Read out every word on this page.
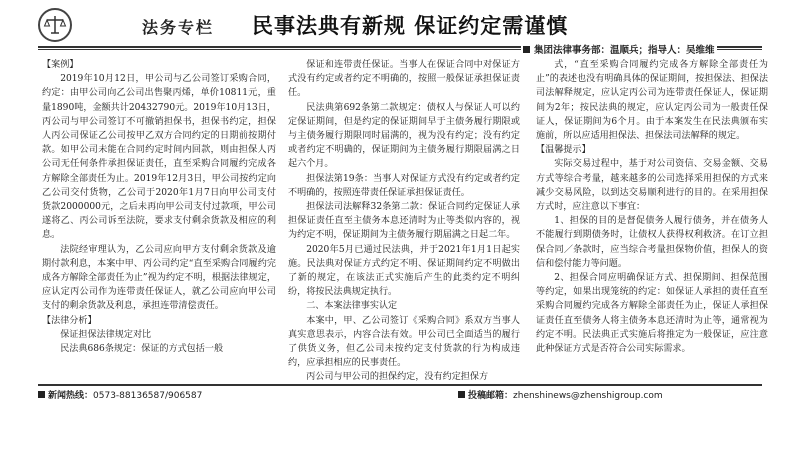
法务专栏 民事法典有新规 保证约定需谨慎
集团法律事务部：温顺兵；指导人：吴维维

【案例】

2019年10月12日，甲公司与乙公司签订采购合同，约定：由甲公司向乙公司出售聚丙烯，单价10811元，重量1890吨，金额共计20432790元。2019年10月13日，丙公司与甲公司签订不可撤销担保书，担保书约定，担保人丙公司保证乙公司按甲乙双方合同约定的日期前按期付款。如甲公司未能在合同约定时间内回款，则由担保人丙公司无任何条件承担保证责任，直至采购合同履约完成各方解除全部责任为止。2019年12月3日，甲公司按约定向乙公司交付货物，乙公司于2020年1月7日向甲公司支付货款2000000元，之后未再向甲公司支付过款项，甲公司遂将乙、丙公司诉至法院，要求支付剩余货款及相应的利息。

法院经审理认为，乙公司应向甲方支付剩余货款及逾期付款利息，本案中甲、丙公司约定“直至采购合同履约完成各方解除全部责任为止”视为约定不明，根据法律规定，应认定丙公司作为连带责任保证人，就乙公司应向甲公司支付的剩余货款及利息，承担连带清偿责任。

【法律分析】

保证担保法律规定对比

民法典686条规定：保证的方式包括一般

保证和连带责任保证。当事人在保证合同中对保证方式没有约定或者约定不明确的，按照一般保证承担保证责任。

民法典第692条第二款规定：债权人与保证人可以约定保证期间，但是约定的保证期间早于主债务履行期限或与主债务履行期限同时届满的，视为没有约定；没有约定或者约定不明确的，保证期间为主债务履行期限届满之日起六个月。

担保法第19条：当事人对保证方式没有约定或者约定不明确的，按照连带责任保证承担保证责任。

担保法司法解释32条第二款：保证合同约定保证人承担保证责任直至主债务本息还清时为止等类似内容的，视为约定不明，保证期间为主债务履行期届满之日起二年。

2020年5月已通过民法典，并于2021年1月1日起实施。民法典对保证方式约定不明、保证期间约定不明做出了新的规定，在该法正式实施后产生的此类约定不明纠纷，将按民法典规定执行。

二、本案法律事实认定

本案中，甲、乙公司签订《采购合同》系双方当事人真实意思表示，内容合法有效。甲公司已全面适当的履行了供货义务，但乙公司未按约定支付货款的行为构成违约，应承担相应的民事责任。

丙公司与甲公司的担保约定，没有约定担保方

式，“直至采购合同履约完成各方解除全部责任为止”的表述也没有明确具体的保证期间，按担保法、担保法司法解释规定，应认定丙公司为连带责任保证人，保证期间为2年；按民法典的规定，应认定丙公司为一般责任保证人，保证期间为6个月。由于本案发生在民法典颁布实施前，所以应适用担保法、担保法司法解释的规定。

【温馨提示】

实际交易过程中，基于对公司资信、交易金额、交易方式等综合考量，越来越多的公司选择采用担保的方式来减少交易风险，以到达交易顺利进行的目的。在采用担保方式时，应注意以下事宜：

1、担保的目的是督促债务人履行债务，并在债务人不能履行到期债务时，让债权人获得权利救济。在订立担保合同／条款时，应当综合考量担保物价值，担保人的资信和偿付能力等问题。

2、担保合同应明确保证方式、担保期间、担保范围等约定，如果出现笼统的约定：如保证人承担的责任直至采购合同履约完成各方解除全部责任为止，保证人承担保证责任直至债务人将主债务本息还清时为止等，通常视为约定不明。民法典正式实施后将推定为一般保证，应注意此种保证方式是否符合公司实际需求。

新闻热线：0573-88136587/906587	投稿邮箱：zhenshinews@zhenshigroup.com
